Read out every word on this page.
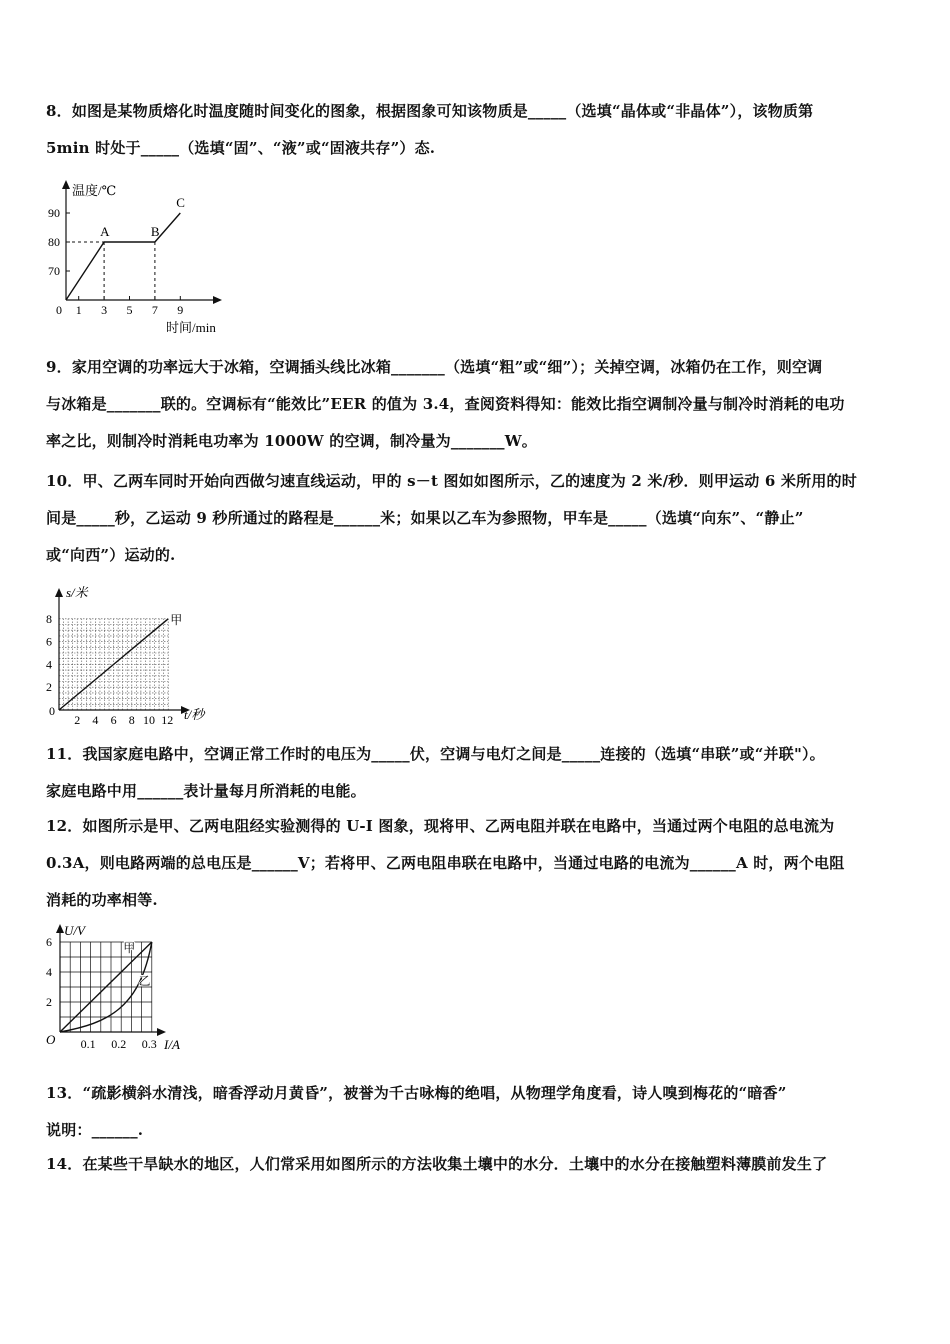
8．如图是某物质熔化时温度随时间变化的图象，根据图象可知该物质是_____（选填“晶体或“非晶体”），该物质第

5min 时处于_____（选填“固”、“液”或“固液共存”）态.

90
80
70
1 3 5 7 9
A	B
C
温度/℃
时间/min
0

9．家用空调的功率远大于冰箱，空调插头线比冰箱_______（选填“粗”或“细”）；关掉空调，冰箱仍在工作，则空调

与冰箱是_______联的。空调标有“能效比”EER 的值为 3.4，查阅资料得知：能效比指空调制冷量与制冷时消耗的电功

率之比，则制冷时消耗电功率为 1000W 的空调，制冷量为_______W。

10．甲、乙两车同时开始向西做匀速直线运动，甲的 s－t 图如如图所示，乙的速度为 2 米/秒．则甲运动 6 米所用的时

间是_____秒，乙运动 9 秒所通过的路程是______米；如果以乙车为参照物，甲车是_____（选填“向东”、“静止”

或“向西”）运动的.

8
6
4
2
2 4 6 8 10 12
甲
s/米
t/秒
0

11．我国家庭电路中，空调正常工作时的电压为_____伏，空调与电灯之间是_____连接的（选填“串联”或“并联"）。

家庭电路中用______表计量每月所消耗的电能。

12．如图所示是甲、乙两电阻经实验测得的 U-I 图象，现将甲、乙两电阻并联在电路中，当通过两个电阻的总电流为

0.3A，则电路两端的总电压是______V；若将甲、乙两电阻串联在电路中，当通过电路的电流为______A 时，两个电阻

消耗的功率相等.

6
4
2
0.1 0.2 0.3
甲
乙
U/V
I/A
O

13．“疏影横斜水清浅，暗香浮动月黄昏”，被誉为千古咏梅的绝唱，从物理学角度看，诗人嗅到梅花的“暗香”

说明：______.

14．在某些干旱缺水的地区，人们常采用如图所示的方法收集土壤中的水分．土壤中的水分在接触塑料薄膜前发生了
